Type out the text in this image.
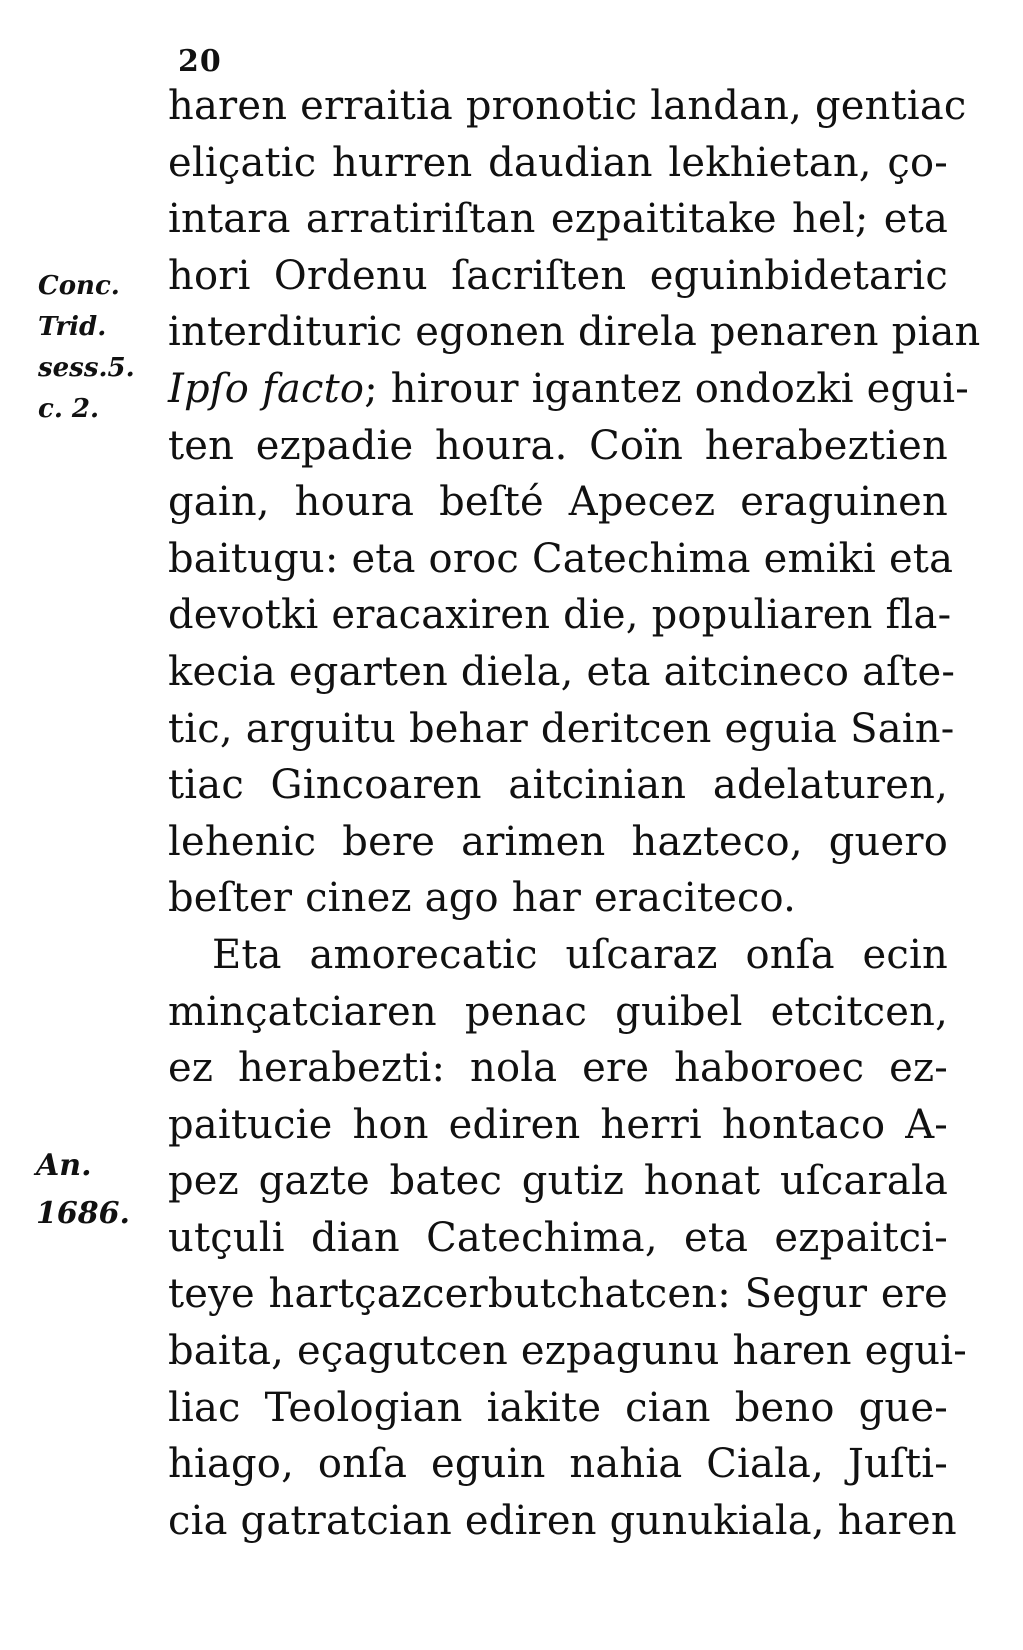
20
Conc.
Trid.
sess.5.
c. 2.
An.
1686.
haren erraitia pronotic landan, gentiac
eliçatic hurren daudian lekhietan, ço-
intara arratiriſtan ezpaititake hel; eta
hori Ordenu ſacriſten eguinbidetaric
interdituric egonen direla penaren pian
Ipſo facto; hirour igantez ondozki egui-
ten ezpadie houra. Coïn herabeztien
gain, houra beſté Apecez eraguinen
baitugu: eta oroc Catechima emiki eta
devotki eracaxiren die, populiaren fla-
kecia egarten diela, eta aitcineco aſte-
tic, arguitu behar deritcen eguia Sain-
tiac Gincoaren aitcinian adelaturen,
lehenic bere arimen hazteco, guero
beſter cinez ago har eraciteco.
Eta amorecatic uſcaraz onſa ecin
minçatciaren penac guibel etcitcen,
ez herabezti: nola ere haboroec ez-
paitucie hon ediren herri hontaco A-
pez gazte batec gutiz honat uſcarala
utçuli dian Catechima, eta ezpaitci-
teye hartçazcerbutchatcen: Segur ere
baita, eçagutcen ezpagunu haren egui-
liac Teologian iakite cian beno gue-
hiago, onſa eguin nahia Ciala, Juſti-
cia gatratcian ediren gunukiala, haren
